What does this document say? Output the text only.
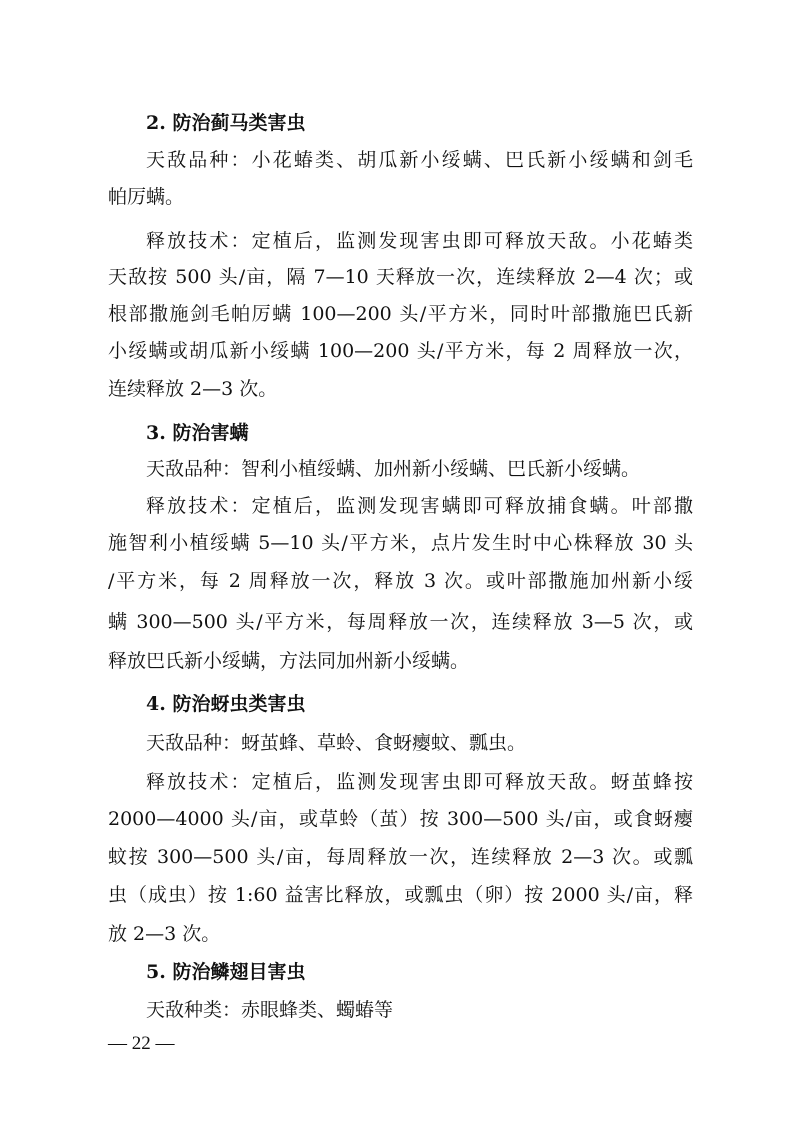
2. 防治蓟马类害虫
天敌品种：小花蝽类、胡瓜新小绥螨、巴氏新小绥螨和剑毛
帕厉螨。
释放技术：定植后，监测发现害虫即可释放天敌。小花蝽类
天敌按 500 头/亩，隔 7—10 天释放一次，连续释放 2—4 次；或
根部撒施剑毛帕厉螨 100—200 头/平方米，同时叶部撒施巴氏新
小绥螨或胡瓜新小绥螨 100—200 头/平方米，每 2 周释放一次，
连续释放 2—3 次。
3. 防治害螨
天敌品种：智利小植绥螨、加州新小绥螨、巴氏新小绥螨。
释放技术：定植后，监测发现害螨即可释放捕食螨。叶部撒
施智利小植绥螨 5—10 头/平方米，点片发生时中心株释放 30 头
/平方米，每 2 周释放一次，释放 3 次。或叶部撒施加州新小绥
螨 300—500 头/平方米，每周释放一次，连续释放 3—5 次，或
释放巴氏新小绥螨，方法同加州新小绥螨。
4. 防治蚜虫类害虫
天敌品种：蚜茧蜂、草蛉、食蚜瘿蚊、瓢虫。
释放技术：定植后，监测发现害虫即可释放天敌。蚜茧蜂按
2000—4000 头/亩，或草蛉（茧）按 300—500 头/亩，或食蚜瘿
蚊按 300—500 头/亩，每周释放一次，连续释放 2—3 次。或瓢
虫（成虫）按 1:60 益害比释放，或瓢虫（卵）按 2000 头/亩，释
放 2—3 次。
5. 防治鳞翅目害虫
天敌种类：赤眼蜂类、蠋蝽等
— 22 —
